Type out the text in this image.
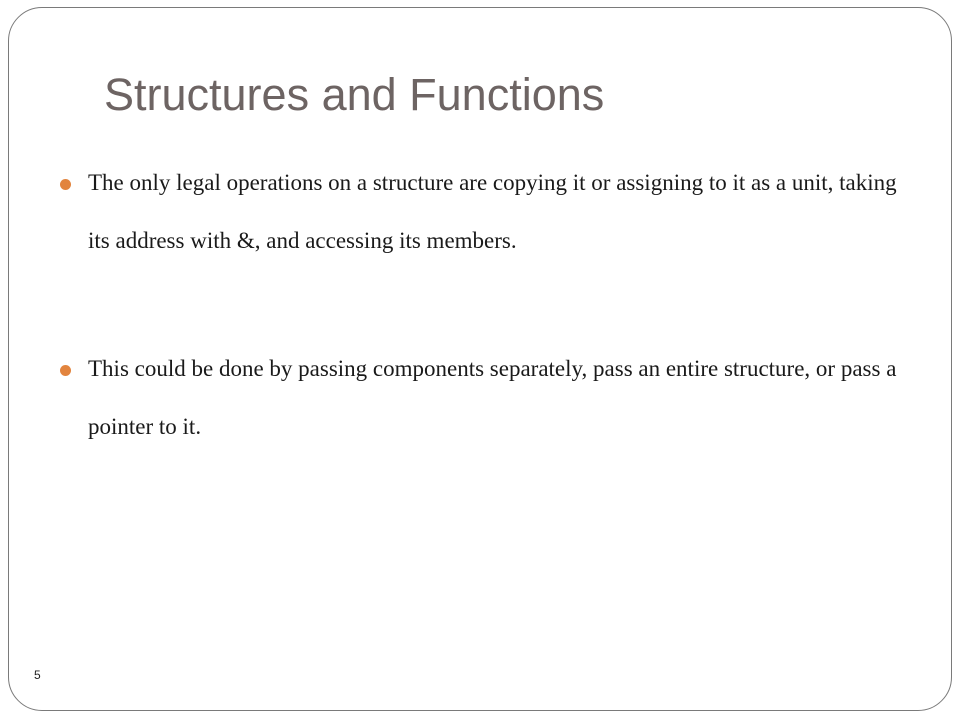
Structures and Functions
The only legal operations on a structure are copying it or assigning to it as a unit, taking its address with &, and accessing its members.
This could be done by passing components separately, pass an entire structure, or pass a pointer to it.
5
